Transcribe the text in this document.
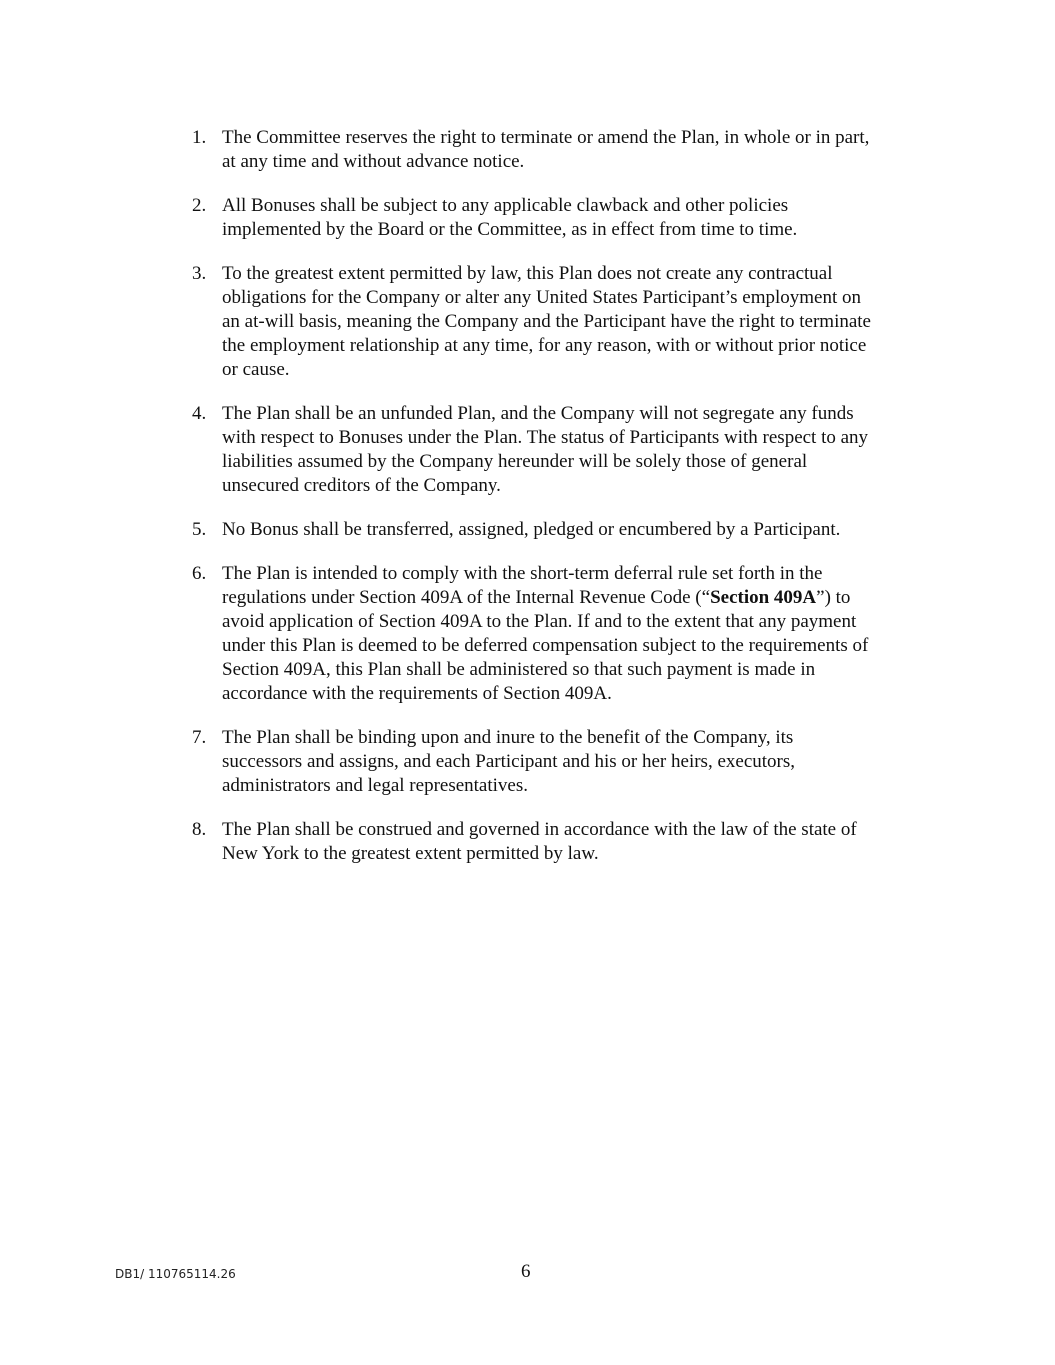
1. The Committee reserves the right to terminate or amend the Plan, in whole or in part,
at any time and without advance notice.
2. All Bonuses shall be subject to any applicable clawback and other policies
implemented by the Board or the Committee, as in effect from time to time.
3. To the greatest extent permitted by law, this Plan does not create any contractual
obligations for the Company or alter any United States Participant’s employment on
an at-will basis, meaning the Company and the Participant have the right to terminate
the employment relationship at any time, for any reason, with or without prior notice
or cause.
4. The Plan shall be an unfunded Plan, and the Company will not segregate any funds
with respect to Bonuses under the Plan. The status of Participants with respect to any
liabilities assumed by the Company hereunder will be solely those of general
unsecured creditors of the Company.
5. No Bonus shall be transferred, assigned, pledged or encumbered by a Participant.
6. The Plan is intended to comply with the short-term deferral rule set forth in the
regulations under Section 409A of the Internal Revenue Code (“Section 409A”) to
avoid application of Section 409A to the Plan. If and to the extent that any payment
under this Plan is deemed to be deferred compensation subject to the requirements of
Section 409A, this Plan shall be administered so that such payment is made in
accordance with the requirements of Section 409A.
7. The Plan shall be binding upon and inure to the benefit of the Company, its
successors and assigns, and each Participant and his or her heirs, executors,
administrators and legal representatives.
8. The Plan shall be construed and governed in accordance with the law of the state of
New York to the greatest extent permitted by law.
DB1/ 110765114.26	6
